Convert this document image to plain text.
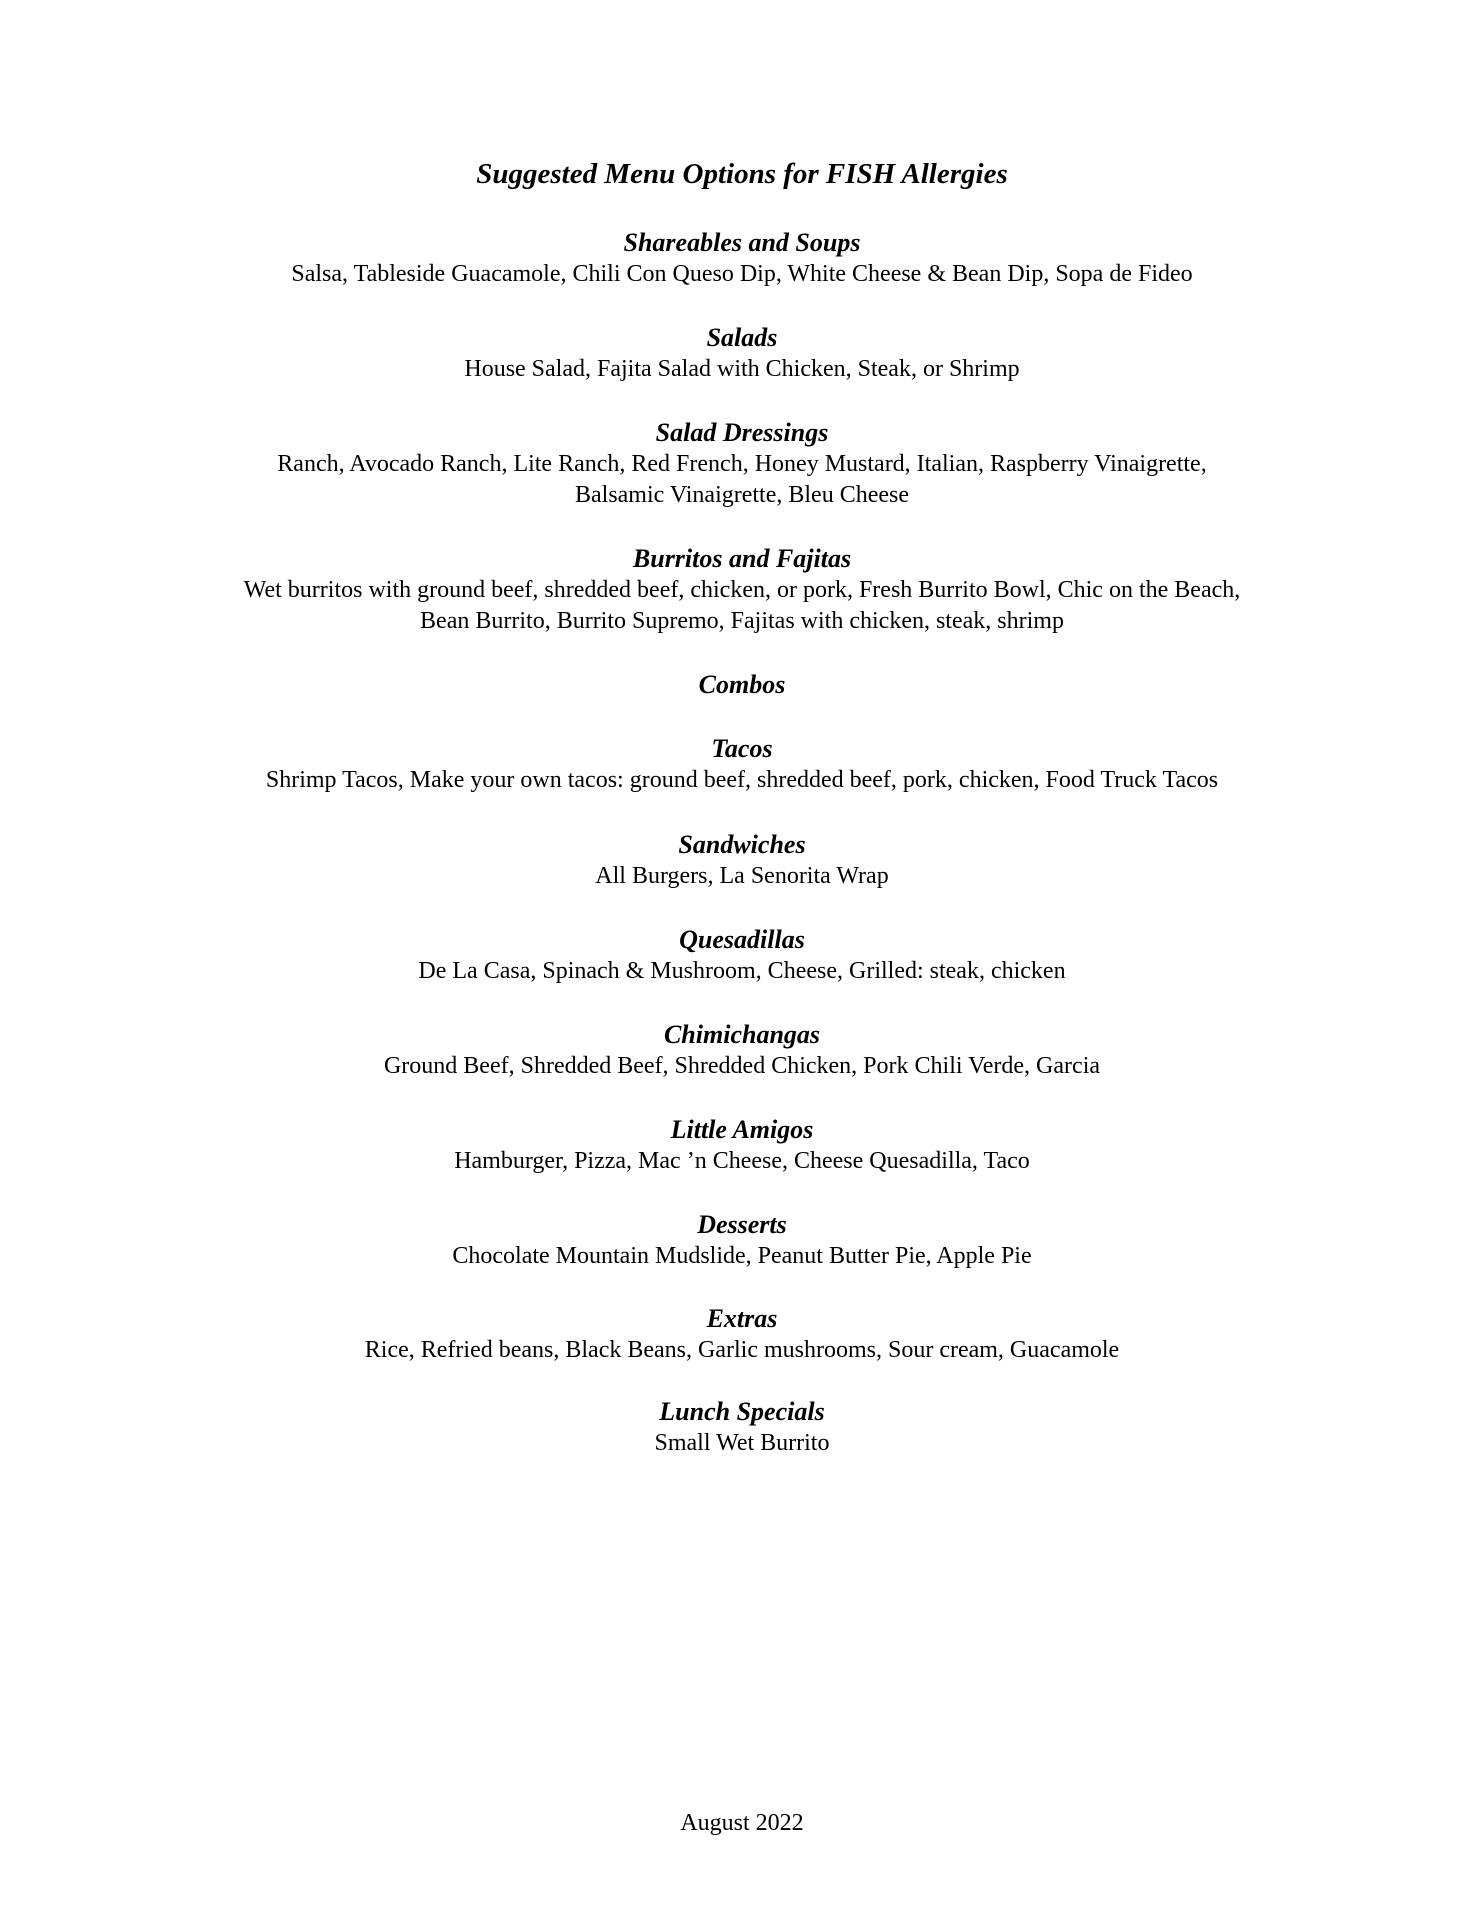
Suggested Menu Options for FISH Allergies

Shareables and Soups

Salsa, Tableside Guacamole, Chili Con Queso Dip, White Cheese & Bean Dip, Sopa de Fideo

Salads

House Salad, Fajita Salad with Chicken, Steak, or Shrimp

Salad Dressings

Ranch, Avocado Ranch, Lite Ranch, Red French, Honey Mustard, Italian, Raspberry Vinaigrette,

Balsamic Vinaigrette, Bleu Cheese

Burritos and Fajitas

Wet burritos with ground beef, shredded beef, chicken, or pork, Fresh Burrito Bowl, Chic on the Beach,

Bean Burrito, Burrito Supremo, Fajitas with chicken, steak, shrimp

Combos

Tacos

Shrimp Tacos, Make your own tacos: ground beef, shredded beef, pork, chicken, Food Truck Tacos

Sandwiches

All Burgers, La Senorita Wrap

Quesadillas

De La Casa, Spinach & Mushroom, Cheese, Grilled: steak, chicken

Chimichangas

Ground Beef, Shredded Beef, Shredded Chicken, Pork Chili Verde, Garcia

Little Amigos

Hamburger, Pizza, Mac ’n Cheese, Cheese Quesadilla, Taco

Desserts

Chocolate Mountain Mudslide, Peanut Butter Pie, Apple Pie

Extras

Rice, Refried beans, Black Beans, Garlic mushrooms, Sour cream, Guacamole

Lunch Specials

Small Wet Burrito

August 2022
